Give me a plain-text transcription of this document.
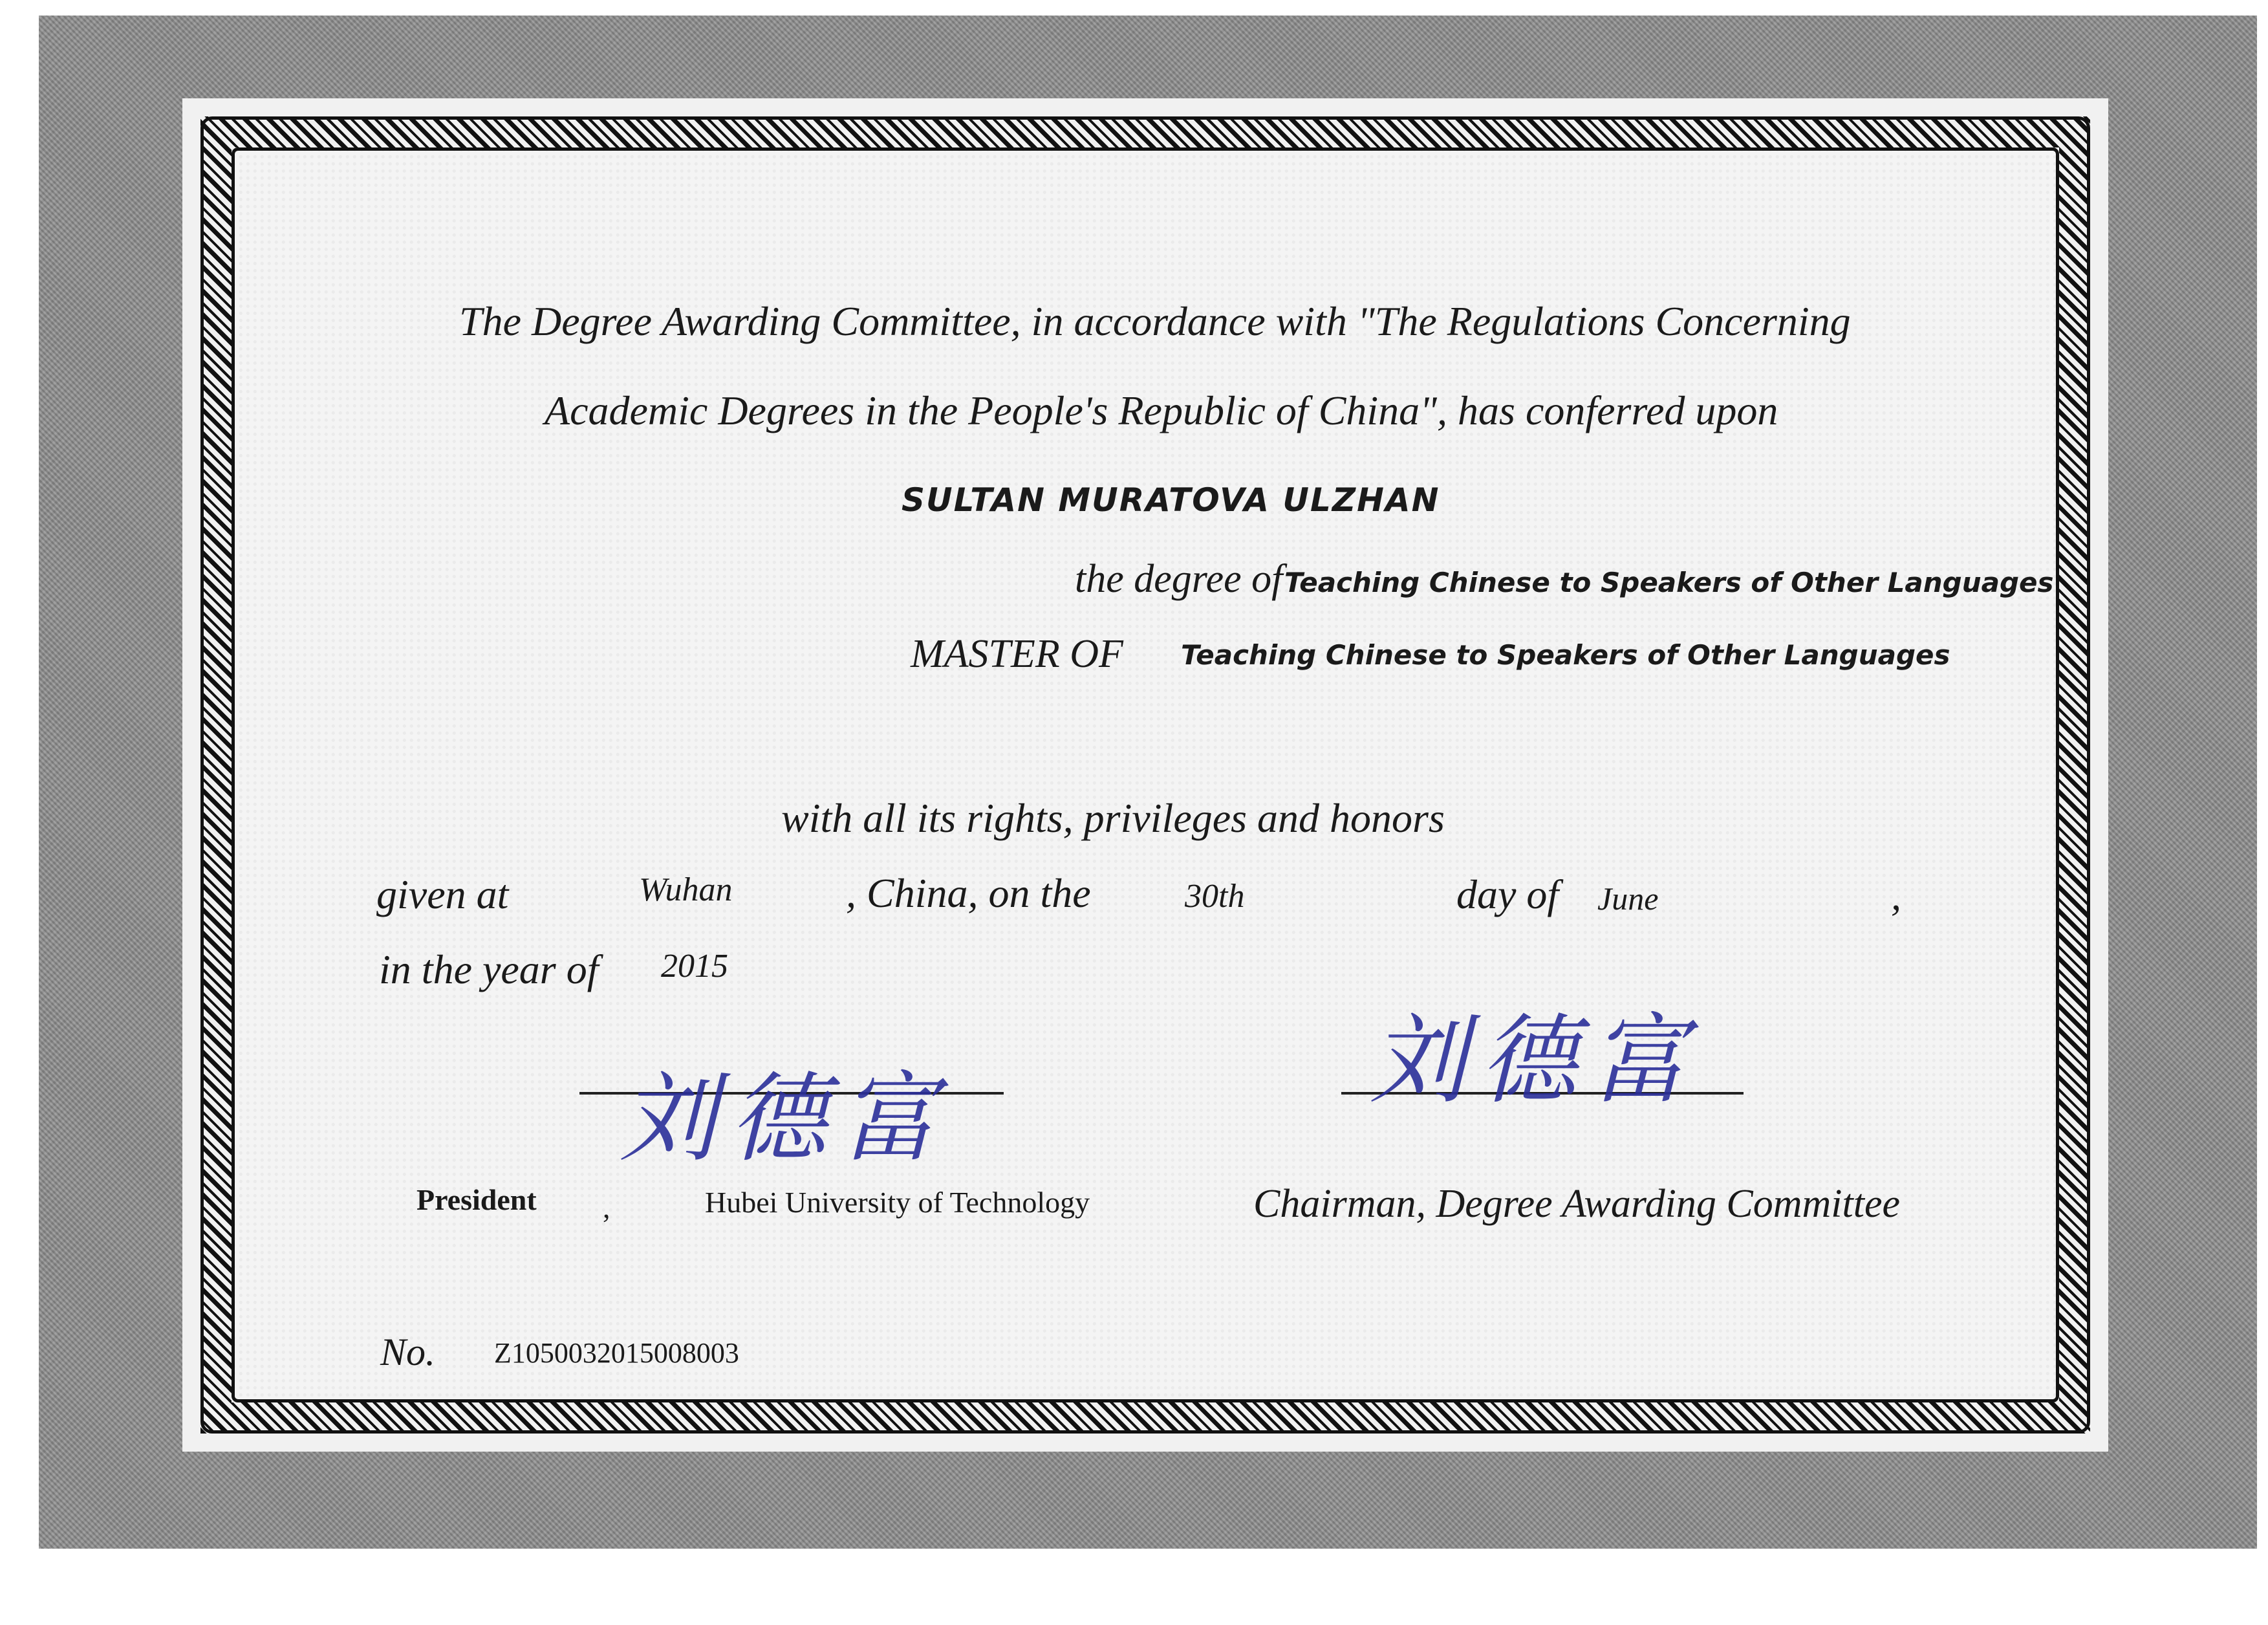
The Degree Awarding Committee, in accordance with "The Regulations Concerning
Academic Degrees in the People's Republic of China", has conferred upon
SULTAN MURATOVA ULZHAN
the degree of Teaching Chinese to Speakers of Other Languages
MASTER OF Teaching Chinese to Speakers of Other Languages
with all its rights, privileges and honors
given at	Wuhan	, China, on the	30th	day of June	,
in the year of 2015
刘德富
President ,	Hubei University of Technology
刘德富
Chairman, Degree Awarding Committee
No. Z1050032015008003
